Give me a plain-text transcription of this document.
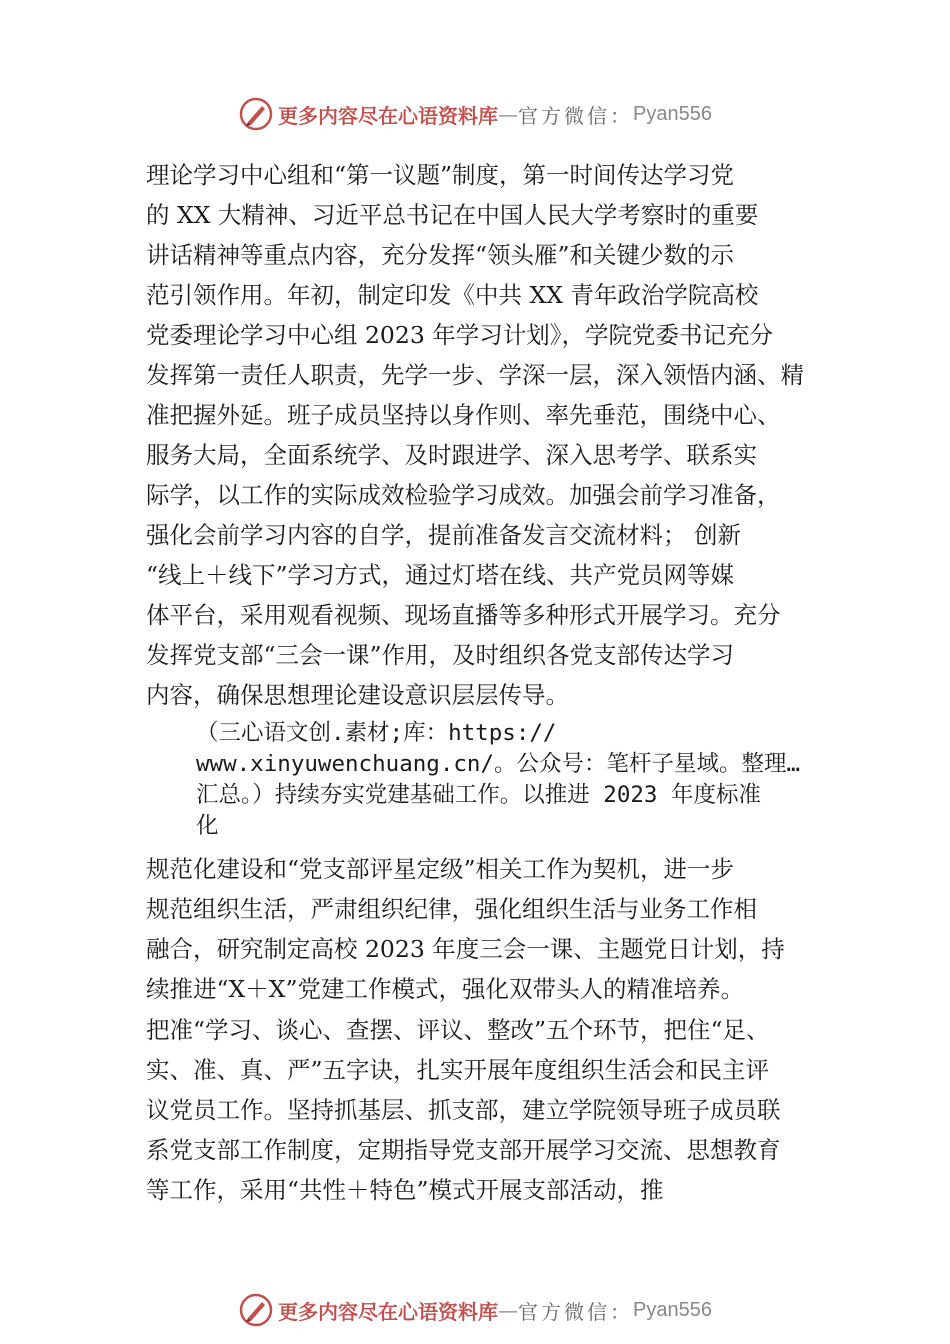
更多内容尽在心语资料库 — 官方微信： Pyan556
理论学习中心组和“第一议题”制度，第一时间传达学习党
的 XX 大精神、习近平总书记在中国人民大学考察时的重要
讲话精神等重点内容，充分发挥“领头雁”和关键少数的示
范引领作用。年初，制定印发《中共 XX 青年政治学院高校
党委理论学习中心组 2023 年学习计划》，学院党委书记充分
发挥第一责任人职责，先学一步、学深一层，深入领悟内涵、精
准把握外延。班子成员坚持以身作则、率先垂范，围绕中心、
服务大局，全面系统学、及时跟进学、深入思考学、联系实
际学，以工作的实际成效检验学习成效。加强会前学习准备，
强化会前学习内容的自学，提前准备发言交流材料； 创新
“线上＋线下”学习方式，通过灯塔在线、共产党员网等媒
体平台，采用观看视频、现场直播等多种形式开展学习。充分
发挥党支部“三会一课”作用，及时组织各党支部传达学习
内容，确保思想理论建设意识层层传导。
（三心语文创.素材;库：https://
www.xinyuwenchuang.cn/。公众号：笔杆子星域。整理…
汇总。）持续夯实党建基础工作。以推进 2023 年度标准
化
规范化建设和“党支部评星定级”相关工作为契机，进一步
规范组织生活，严肃组织纪律，强化组织生活与业务工作相
融合，研究制定高校 2023 年度三会一课、主题党日计划，持
续推进“X＋X”党建工作模式，强化双带头人的精准培养。
把准“学习、谈心、查摆、评议、整改”五个环节，把住“足、
实、准、真、严”五字诀，扎实开展年度组织生活会和民主评
议党员工作。坚持抓基层、抓支部，建立学院领导班子成员联
系党支部工作制度，定期指导党支部开展学习交流、思想教育
等工作，采用“共性＋特色”模式开展支部活动，推
更多内容尽在心语资料库 — 官方微信： Pyan556
